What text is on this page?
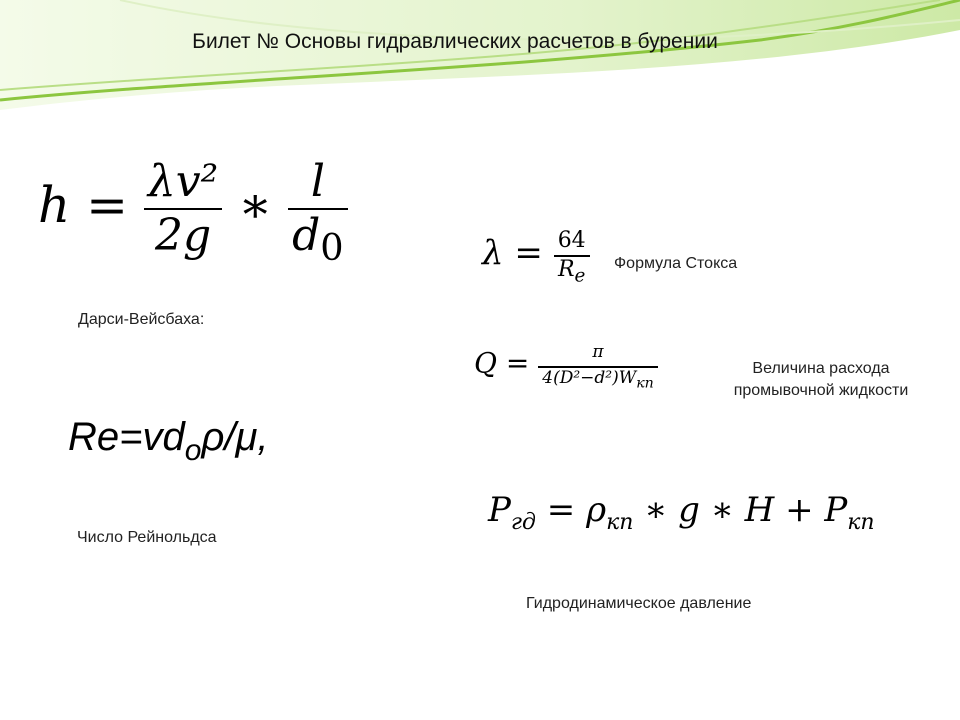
Билет № Основы гидравлических расчетов в бурении
$h = \frac{\text{λv²}}{2g}$ ∗ $\frac{l}{d_0}$
Дарси-Вейсбаха:
$\lambda = \frac{64}{R_e}$ Формула Стокса
$Q = \frac{\pi}{4(D^2-d^2)W_{кп}}$	Величина расхода
промывочной жидкости
$Re=vd_o\rho/\mu$,
Число Рейнольдса
$P_{гд} = \rho_{кп}$ ∗ g ∗ $H + P_{кп}$
Гидродинамическое давление
